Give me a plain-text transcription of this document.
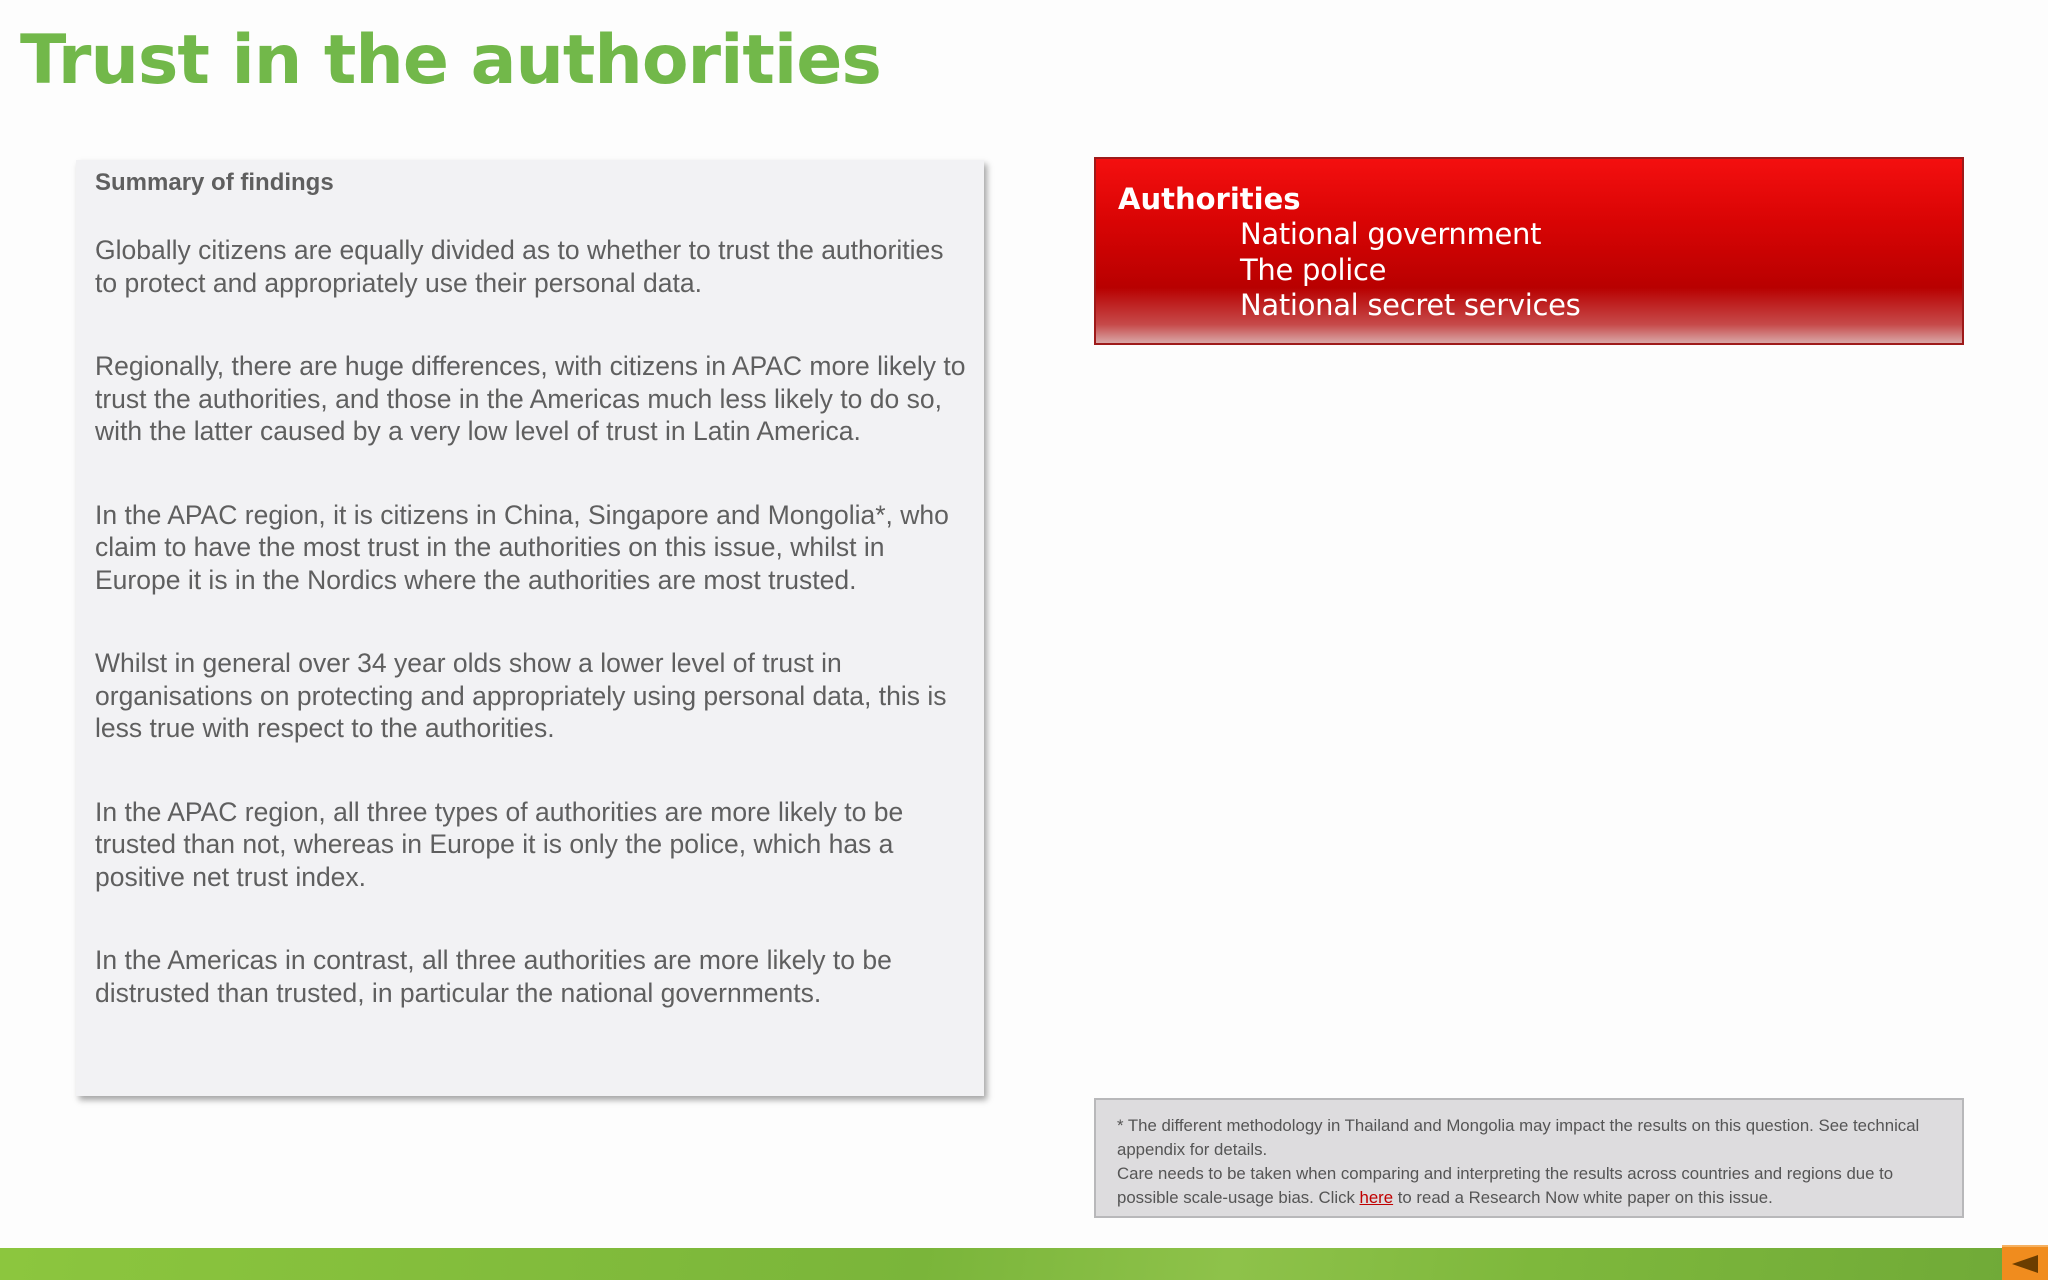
Trust in the authorities
Summary of findings

Globally citizens are equally divided as to whether to trust the authorities to protect and appropriately use their personal data.

Regionally, there are huge differences, with citizens in APAC more likely to trust the authorities, and those in the Americas much less likely to do so, with the latter caused by a very low level of trust in Latin America.

In the APAC region, it is citizens in China, Singapore and Mongolia*, who claim to have the most trust in the authorities on this issue, whilst in Europe it is in the Nordics where the authorities are most trusted.

Whilst in general over 34 year olds show a lower level of trust in organisations on protecting and appropriately using personal data, this is less true with respect to the authorities.

In the APAC region, all three types of authorities are more likely to be trusted than not, whereas in Europe it is only the police, which has a positive net trust index.

In the Americas in contrast, all three authorities are more likely to be distrusted than trusted, in particular the national governments.

Authorities
National government
The police
National secret services

* The different methodology in Thailand and Mongolia may impact the results on this question. See technical appendix for details.

Care needs to be taken when comparing and interpreting the results across countries and regions due to possible scale-usage bias. Click here to read a Research Now white paper on this issue.
